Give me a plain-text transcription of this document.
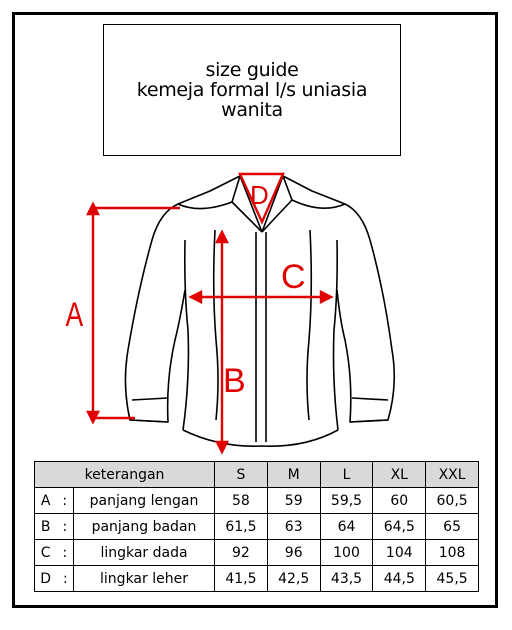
size guide
kemeja formal l/s uniasia
wanita
A
B
C
D
keterangan		S	M	L	XL	XXL
A :	panjang lengan	58	59	59,5	60	60,5
B :	panjang badan	61,5	63	64	64,5	65
C :	lingkar dada	92	96	100	104	108
D :	lingkar leher	41,5	42,5	43,5	44,5	45,5
